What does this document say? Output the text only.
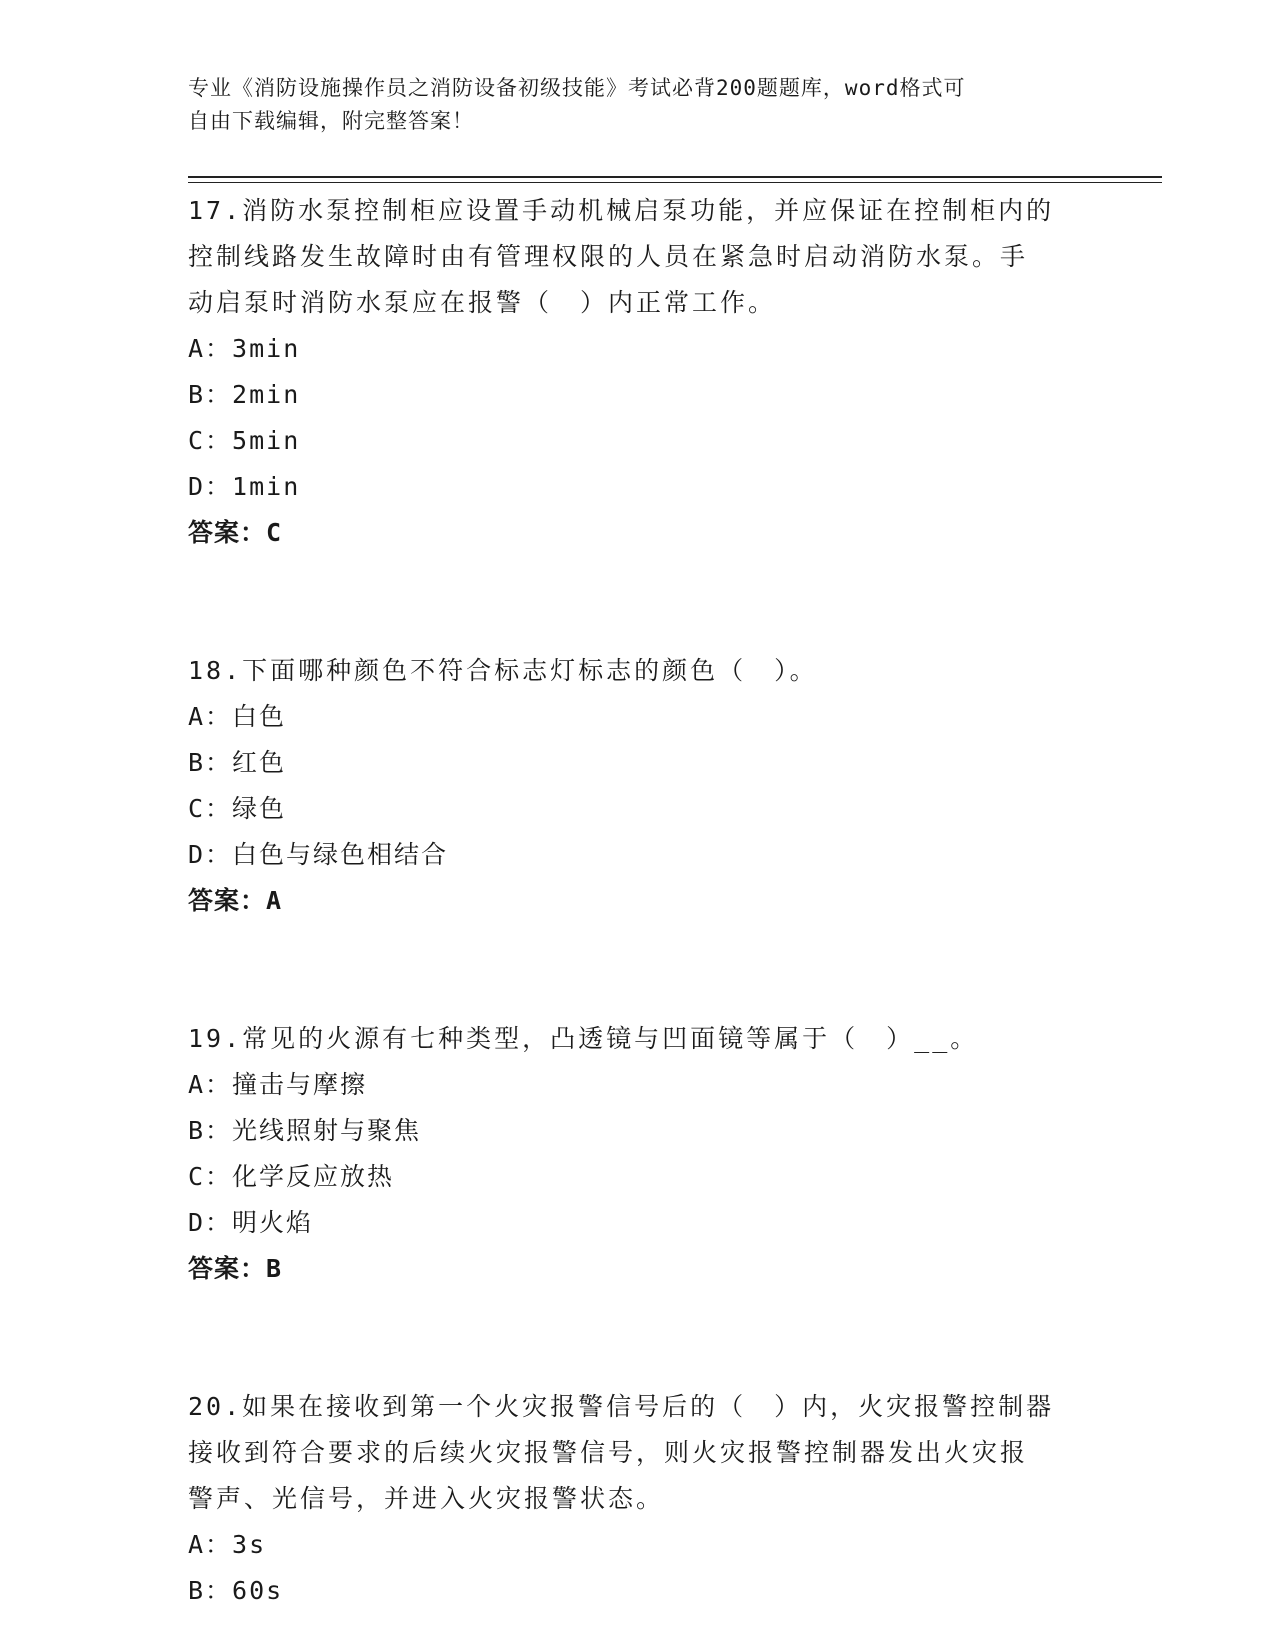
专业《消防设施操作员之消防设备初级技能》考试必背200题题库，word格式可
自由下载编辑，附完整答案！
17.消防水泵控制柜应设置手动机械启泵功能，并应保证在控制柜内的
控制线路发生故障时由有管理权限的人员在紧急时启动消防水泵。手
动启泵时消防水泵应在报警（　）内正常工作。
A：3min
B：2min
C：5min
D：1min
答案：C
18.下面哪种颜色不符合标志灯标志的颜色（　）。
A：白色
B：红色
C：绿色
D：白色与绿色相结合
答案：A
19.常见的火源有七种类型，凸透镜与凹面镜等属于（　）__。
A：撞击与摩擦
B：光线照射与聚焦
C：化学反应放热
D：明火焰
答案：B
20.如果在接收到第一个火灾报警信号后的（　）内，火灾报警控制器
接收到符合要求的后续火灾报警信号，则火灾报警控制器发出火灾报
警声、光信号，并进入火灾报警状态。
A：3s
B：60s
